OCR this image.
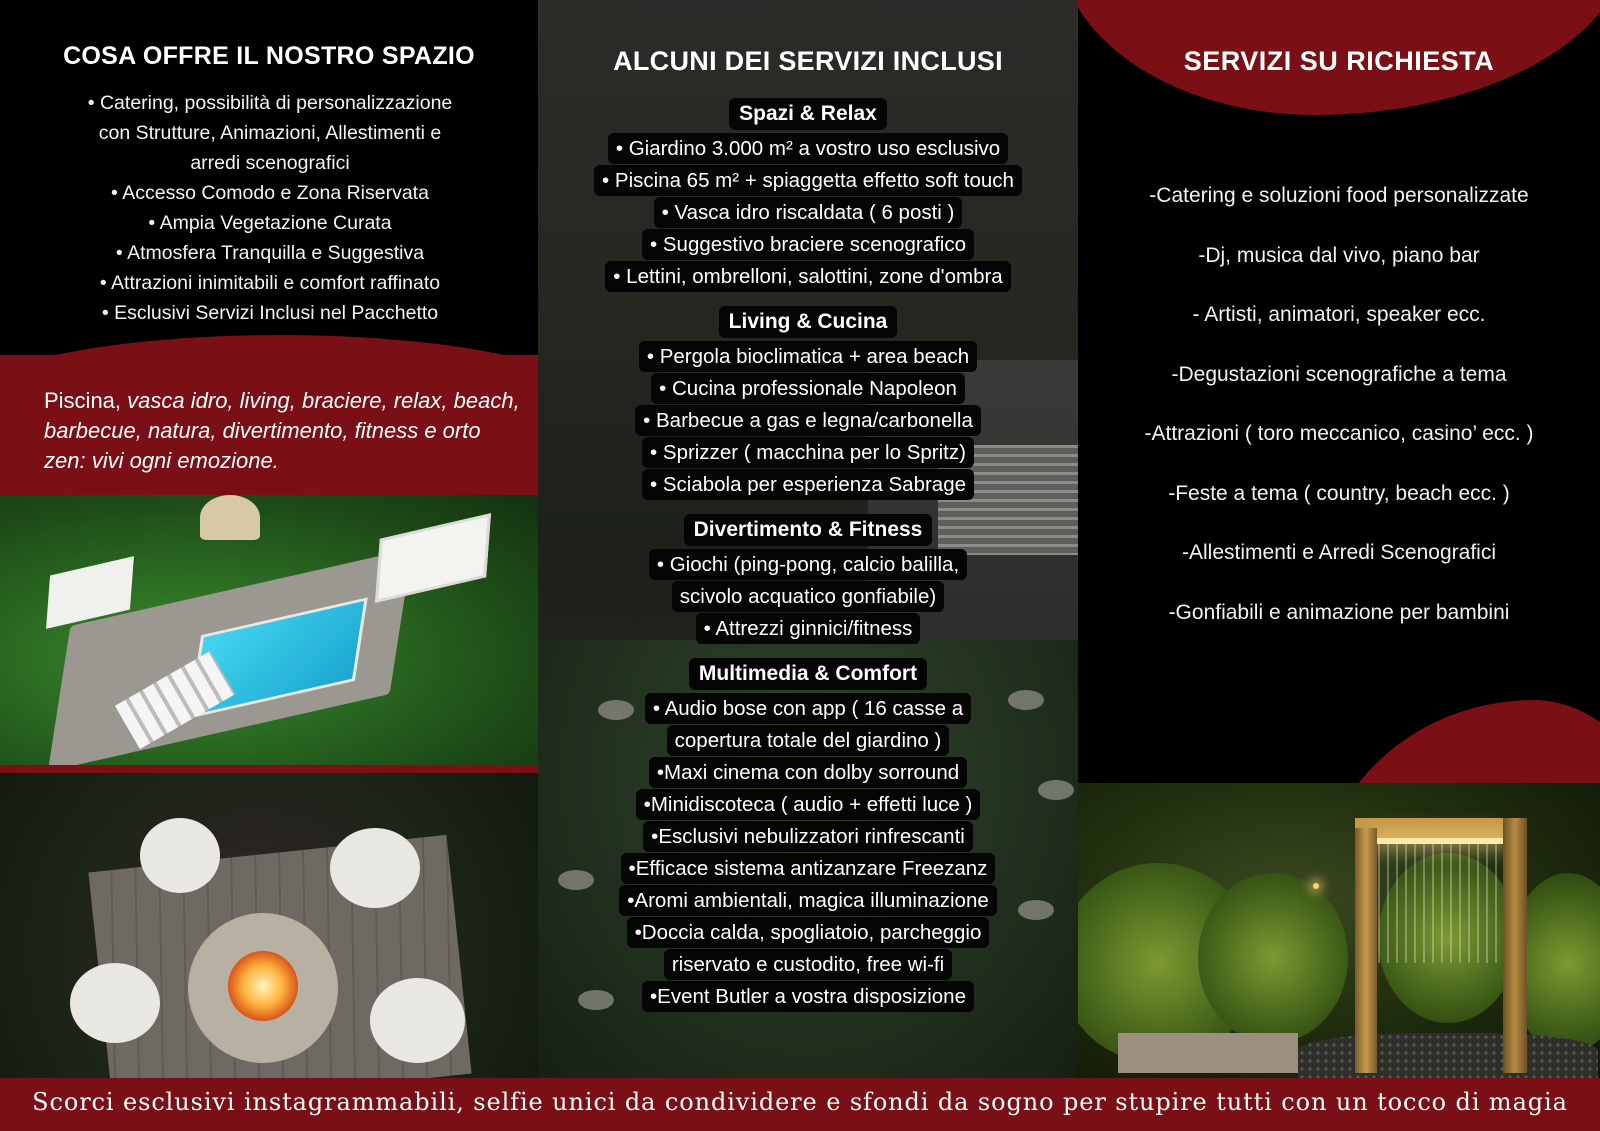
COSA OFFRE IL NOSTRO SPAZIO
• Catering, possibilità di personalizzazione
con Strutture, Animazioni, Allestimenti e
arredi scenografici
• Accesso Comodo e Zona Riservata
• Ampia Vegetazione Curata
• Atmosfera Tranquilla e Suggestiva
• Attrazioni inimitabili e comfort raffinato
• Esclusivi Servizi Inclusi nel Pacchetto
Piscina, vasca idro, living, braciere, relax, beach, barbecue, natura, divertimento, fitness e orto zen: vivi ogni emozione.
ALCUNI DEI SERVIZI INCLUSI
Spazi & Relax
• Giardino 3.000 m² a vostro uso esclusivo
• Piscina 65 m² + spiaggetta effetto soft touch
• Vasca idro riscaldata ( 6 posti )
• Suggestivo braciere scenografico
• Lettini, ombrelloni, salottini, zone d'ombra
Living & Cucina
• Pergola bioclimatica + area beach
• Cucina professionale Napoleon
• Barbecue a gas e legna/carbonella
• Sprizzer ( macchina per lo Spritz)
• Sciabola per esperienza Sabrage
Divertimento & Fitness
• Giochi (ping-pong, calcio balilla,
scivolo acquatico gonfiabile)
• Attrezzi ginnici/fitness
Multimedia & Comfort
• Audio bose con app ( 16 casse a
copertura totale del giardino )
•Maxi cinema con dolby sorround
•Minidiscoteca ( audio + effetti luce )
•Esclusivi nebulizzatori rinfrescanti
•Efficace sistema antizanzare Freezanz
•Aromi ambientali, magica illuminazione
•Doccia calda, spogliatoio, parcheggio
riservato e custodito, free wi-fi
•Event Butler a vostra disposizione
SERVIZI SU RICHIESTA
-Catering e soluzioni food personalizzate
-Dj, musica dal vivo, piano bar
- Artisti, animatori, speaker ecc.
-Degustazioni scenografiche a tema
-Attrazioni ( toro meccanico, casino’ ecc. )
-Feste a tema ( country, beach ecc. )
-Allestimenti e Arredi Scenografici
-Gonfiabili e animazione per bambini
Scorci esclusivi instagrammabili, selfie unici da condividere e sfondi da sogno per stupire tutti con un tocco di magia
